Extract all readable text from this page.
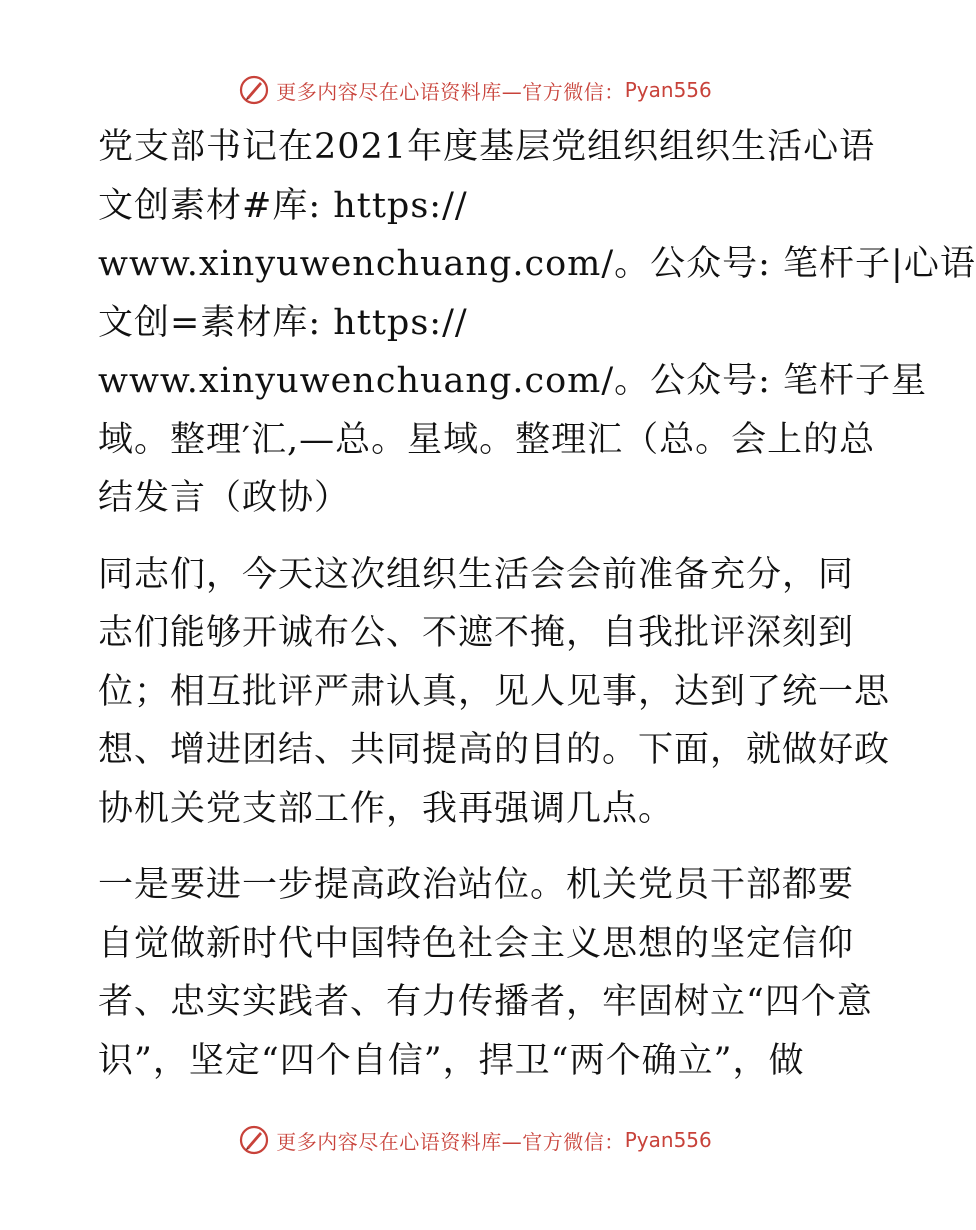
更多内容尽在心语资料库—官方微信： Pyan556
党支部书记在2021年度基层党组织组织生活心语
文创素材#库: https://
www.xinyuwenchuang.com/。公众号: 笔杆子|心语
文创=素材库: https://
www.xinyuwenchuang.com/。公众号: 笔杆子星
域。整理′汇,—总。星域。整理汇（总。会上的总
结发言（政协）
同志们，今天这次组织生活会会前准备充分，同
志们能够开诚布公、不遮不掩，自我批评深刻到
位；相互批评严肃认真，见人见事，达到了统一思
想、增进团结、共同提高的目的。下面，就做好政
协机关党支部工作，我再强调几点。
一是要进一步提高政治站位。机关党员干部都要
自觉做新时代中国特色社会主义思想的坚定信仰
者、忠实实践者、有力传播者，牢固树立“四个意
识”，坚定“四个自信”，捍卫“两个确立”，做
更多内容尽在心语资料库—官方微信： Pyan556
